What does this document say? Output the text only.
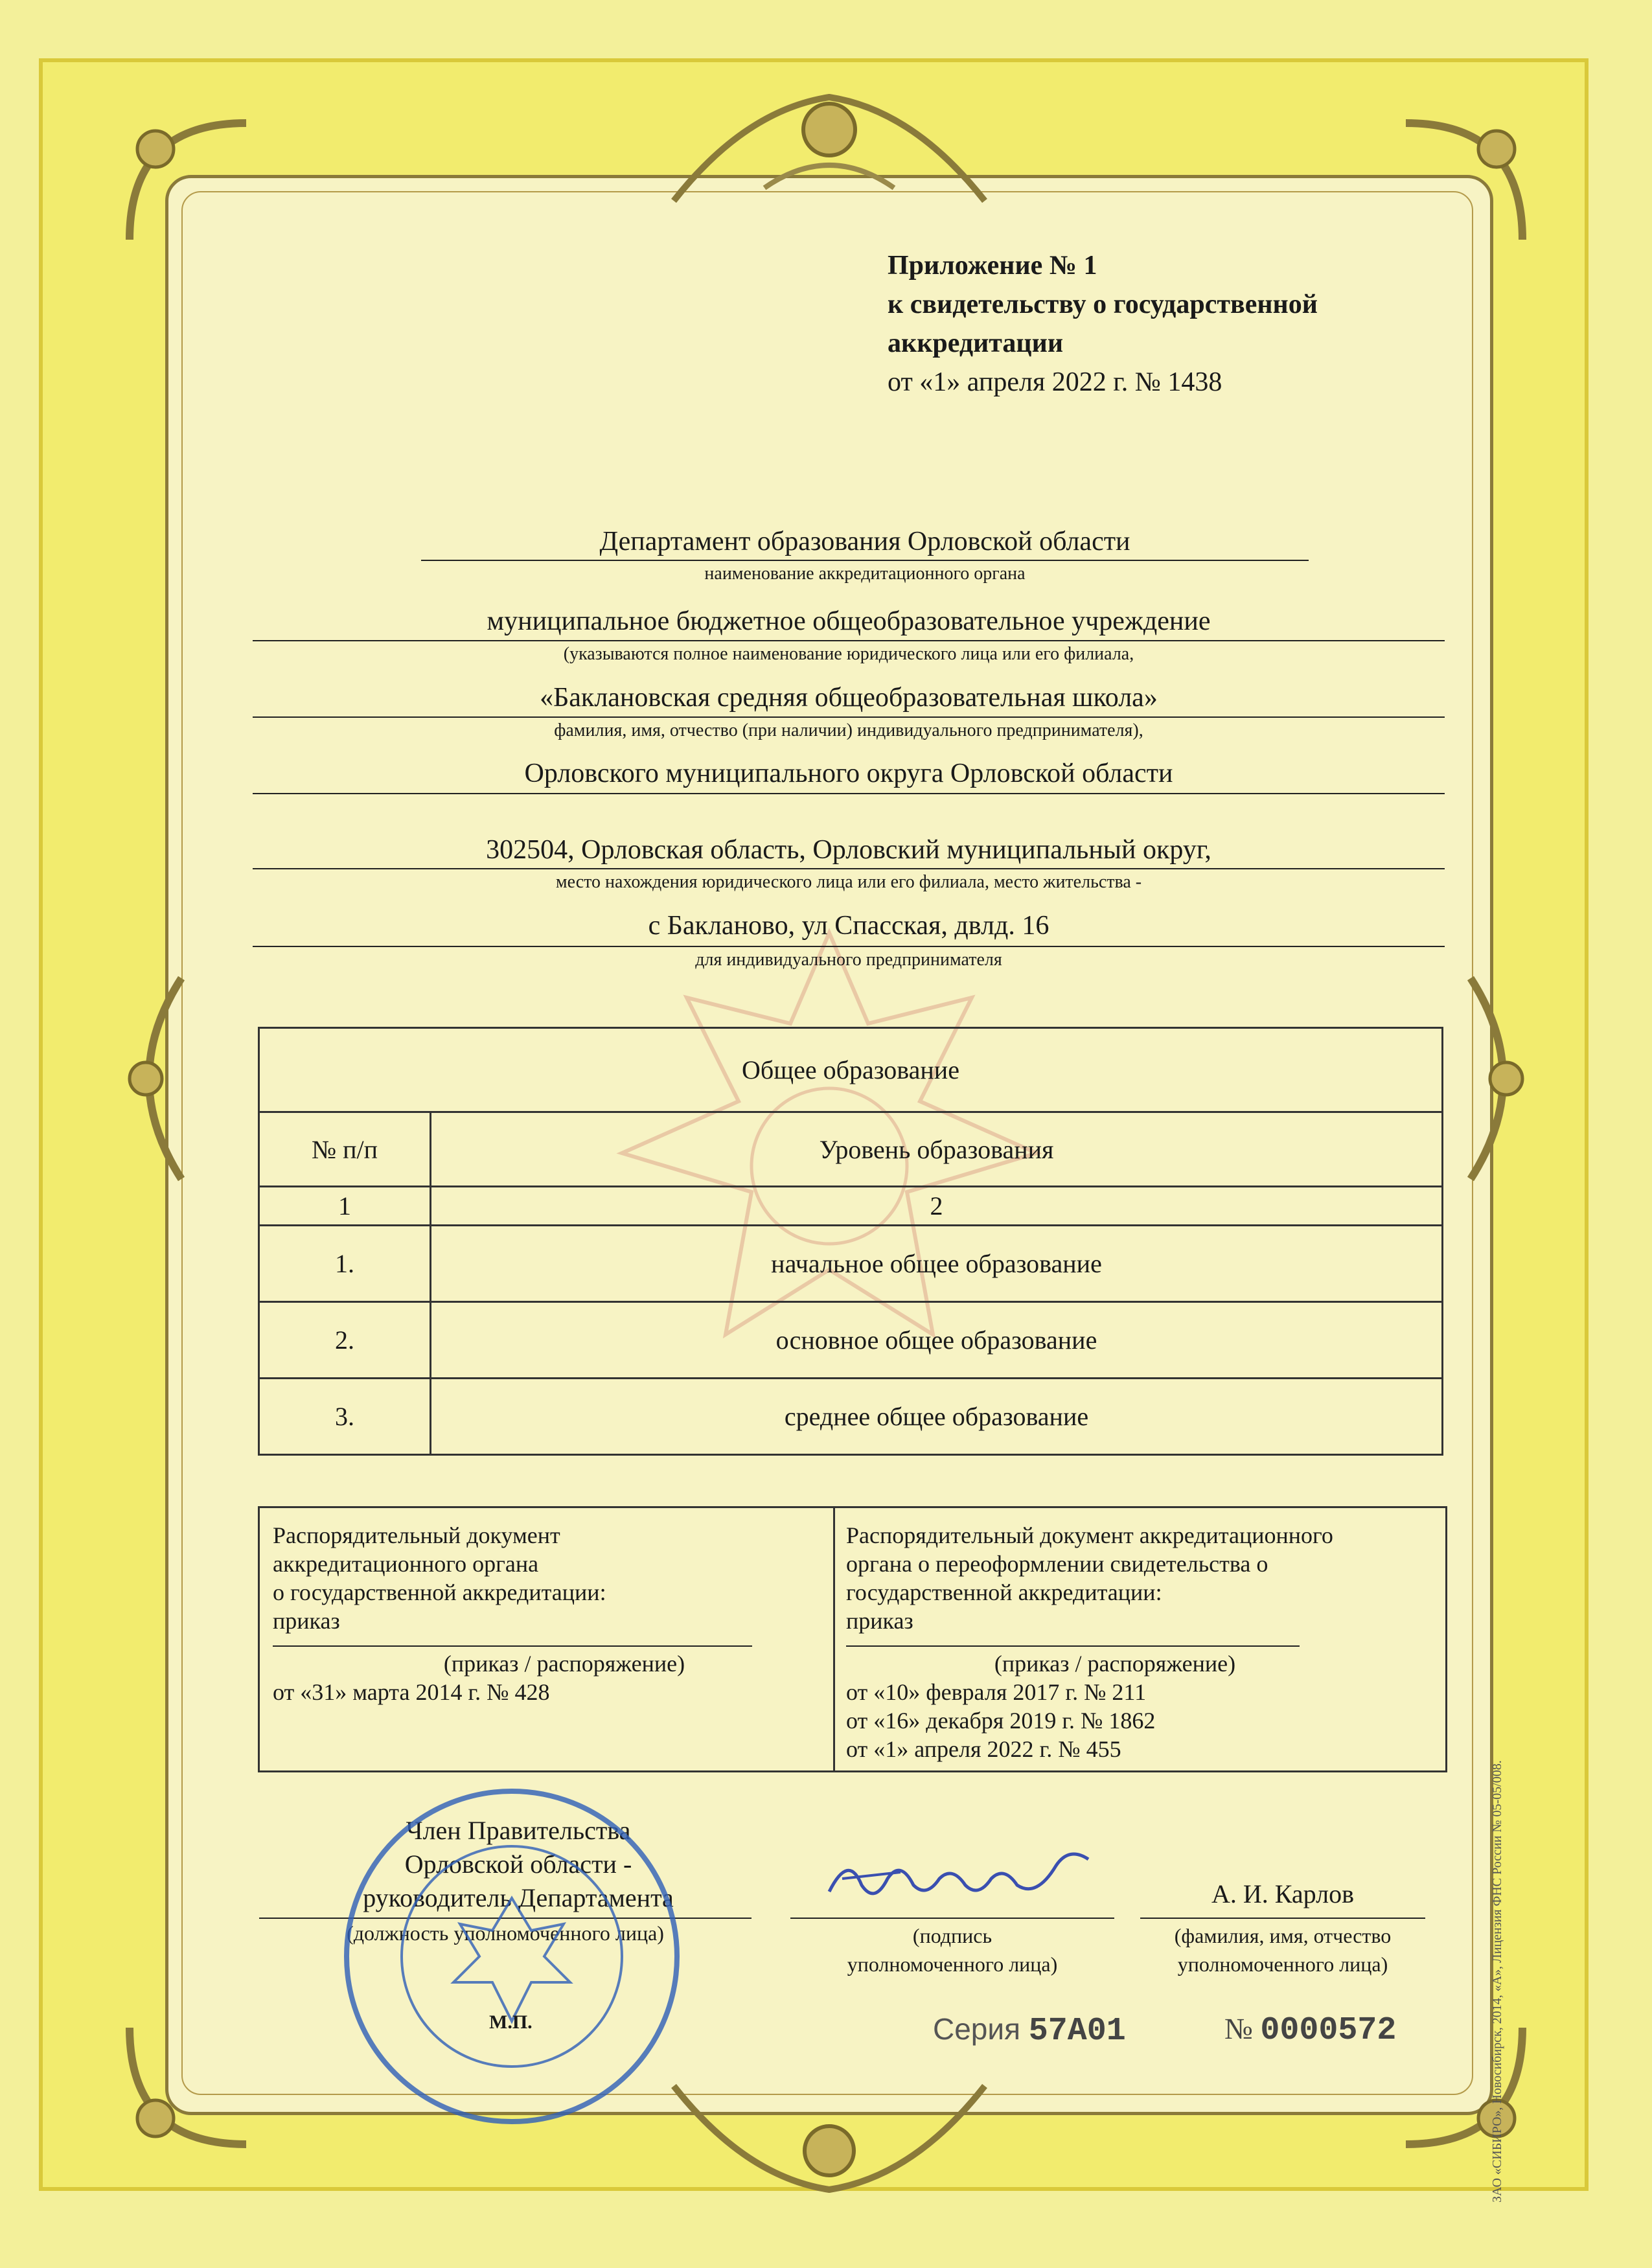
Приложение № 1
к свидетельству о государственной
аккредитации
от «1» апреля 2022 г. № 1438
Департамент образования Орловской области
наименование аккредитационного органа
муниципальное бюджетное общеобразовательное учреждение
(указываются полное наименование юридического лица или его филиала,
«Баклановская средняя общеобразовательная школа»
фамилия, имя, отчество (при наличии) индивидуального предпринимателя),
Орловского муниципального округа Орловской области
302504, Орловская область, Орловский муниципальный округ,
место нахождения юридического лица или его филиала, место жительства -
с Бакланово, ул Спасская, двлд. 16
для индивидуального предпринимателя
Общее образование	
№ п/п	Уровень образования
1	2
1.	начальное общее образование
2.	основное общее образование
3.	среднее общее образование
Распорядительный документ
аккредитационного органа
о государственной аккредитации:
приказ
(приказ / распоряжение)
от «31» марта 2014 г. № 428
Распорядительный документ аккредитационного
органа о переоформлении свидетельства о
государственной аккредитации:
приказ
(приказ / распоряжение)
от «10» февраля 2017 г. № 211
от «16» декабря 2019 г. № 1862
от «1» апреля 2022 г. № 455
Член Правительства
Орловской области -
руководитель Департамента
(должность уполномоченного лица)	(подпись
уполномоченного лица)
А. И. Карлов
(фамилия, имя, отчество
уполномоченного лица)
М.П.	Серия 57А01	№ 0000572	ЗАО «СИБИРО», Новосибирск, 2014, «А», Лицензия ФНС России № 05-05/008.
